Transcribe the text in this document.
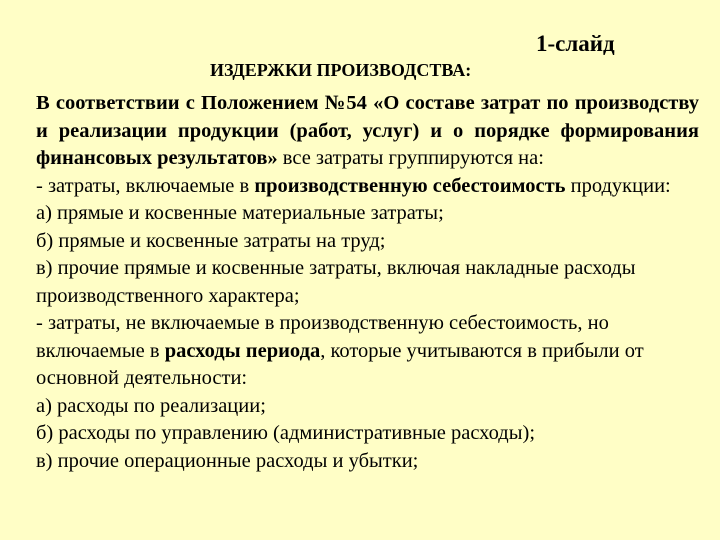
1-слайд
ИЗДЕРЖКИ ПРОИЗВОДСТВА:

В соответствии с Положением №54 «О составе затрат по производству и реализации продукции (работ, услуг) и о порядке формирования финансовых результатов» все затраты группируются на:

- затраты, включаемые в производственную себестоимость продукции:

а) прямые и косвенные материальные затраты;

б) прямые и косвенные затраты на труд;

в) прочие прямые и косвенные затраты, включая накладные расходы производственного характера;

- затраты, не включаемые в производственную себестоимость, но включаемые в расходы периода, которые учитываются в прибыли от основной деятельности:

а) расходы по реализации;

б) расходы по управлению (административные расходы);

в) прочие операционные расходы и убытки;
